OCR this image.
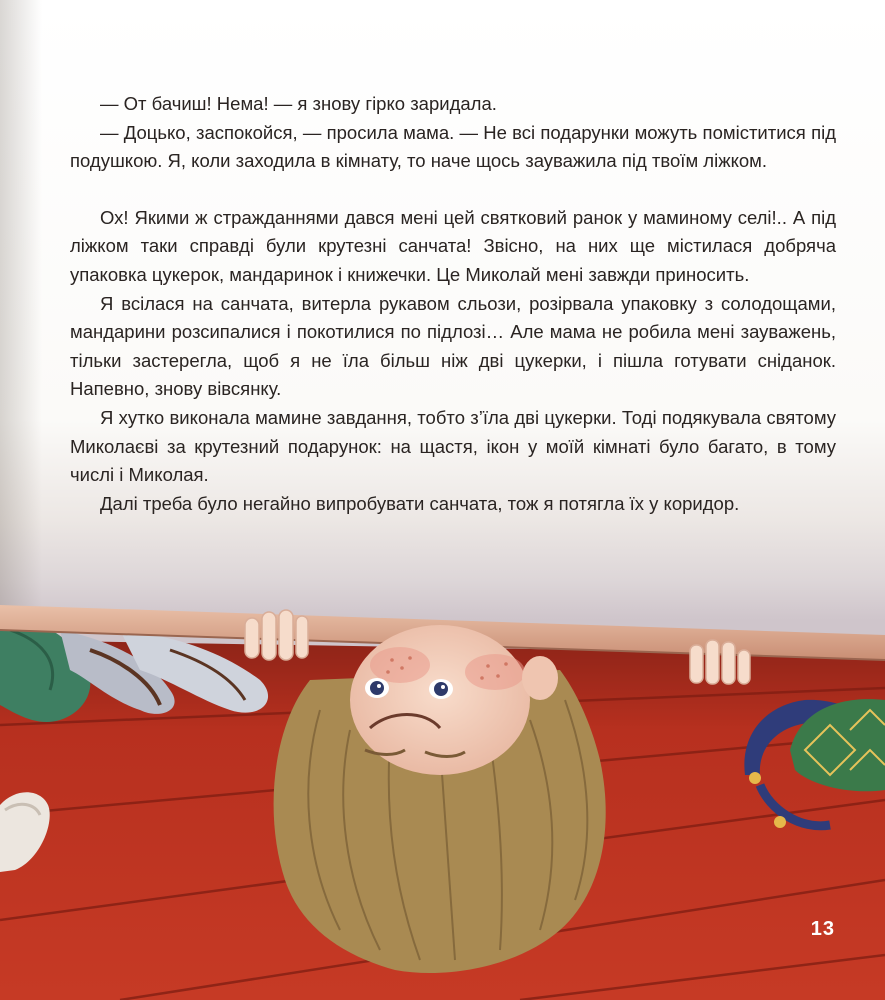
— От бачиш! Нема! — я знову гірко заридала.

— Доцько, заспокойся, — просила мама. — Не всі подарунки можуть поміститися під подушкою. Я, коли заходила в кімнату, то наче щось зауважила під твоїм ліжком.

Ох! Якими ж стражданнями дався мені цей святковий ранок у маминому селі!.. А під ліжком таки справді були крутезні санчата! Звісно, на них ще містилася добряча упаковка цукерок, мандаринок і книжечки. Це Миколай мені завжди приносить.

Я всілася на санчата, витерла рукавом сльози, розірвала упаковку з солодощами, мандарини розсипалися і покотилися по підлозі… Але мама не робила мені зауважень, тільки застерегла, щоб я не їла більш ніж дві цукерки, і пішла готувати сніданок. Напевно, знову вівсянку.

Я хутко виконала мамине завдання, тобто з’їла дві цукерки. Тоді подякувала святому Миколаєві за крутезний подарунок: на щастя, ікон у моїй кімнаті було багато, в тому числі і Миколая.

Далі треба було негайно випробувати санчата, тож я потягла їх у коридор.

13
